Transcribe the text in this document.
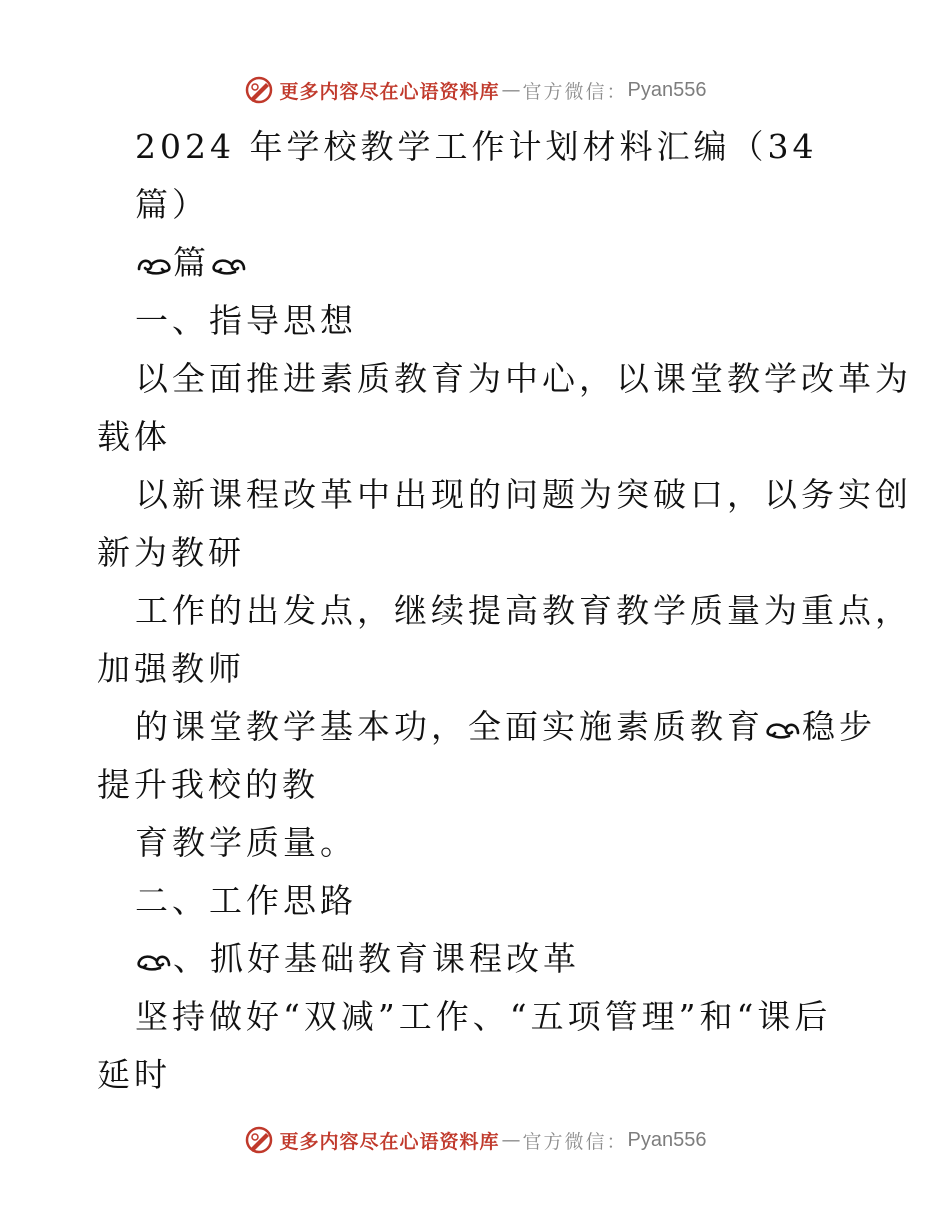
更多内容尽在心语资料库 — 官方微信： Pyan556
2024 年学校教学工作计划材料汇编（34
篇）
篇
一、指导思想
以全面推进素质教育为中心，以课堂教学改革为
载体
以新课程改革中出现的问题为突破口，以务实创
新为教研
工作的出发点，继续提高教育教学质量为重点，
加强教师
的课堂教学基本功，全面实施素质教育 稳步
提升我校的教
育教学质量。
二、工作思路
、抓好基础教育课程改革
坚持做好“双减”工作、“五项管理”和“课后
延时
更多内容尽在心语资料库 — 官方微信： Pyan556
